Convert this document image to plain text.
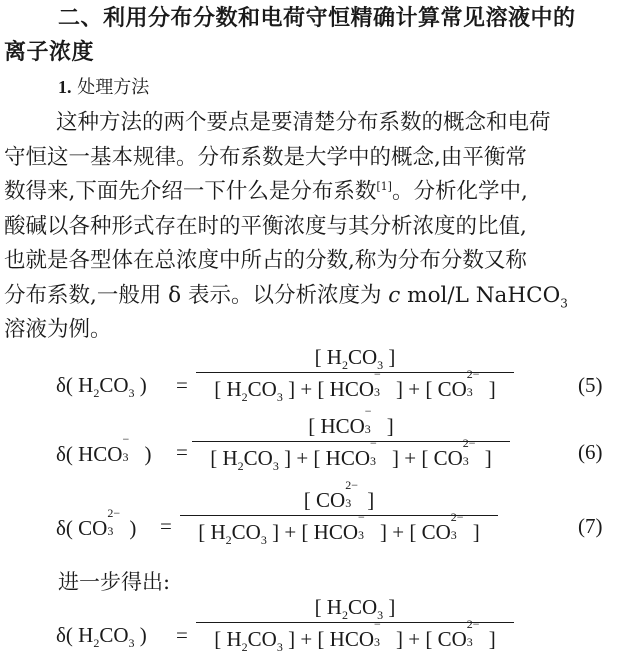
二、利用分布分数和电荷守恒精确计算常见溶液中的
离子浓度
1. 处理方法
这种方法的两个要点是要清楚分布系数的概念和电荷
守恒这一基本规律。分布系数是大学中的概念,由平衡常
数得来,下面先介绍一下什么是分布系数[1]。分析化学中,
酸碱以各种形式存在时的平衡浓度与其分析浓度的比值,
也就是各型体在总浓度中所占的分数,称为分布分数又称
分布系数,一般用 δ 表示。以分析浓度为 c mol/L NaHCO$_3$
溶液为例。
δ( $H_2CO_3$ ) =
[ $H_2CO_3$ ]
[ $H_2CO_3$ ] + [ HCO
−
3 ] + [ CO
2−
3 ]	(5)
δ( HCO
−
3 ) =
[ HCO
−
3 ]
[ $H_2CO_3$ ] + [ HCO
−
3 ] + [ CO
2−
3 ]	(6)
δ( CO
2−
3 ) =
[ CO
2−
3 ]
[ $H_2CO_3$ ] + [ HCO
−
3 ] + [ CO
2−
3 ]	(7)
进一步得出:
δ( $H_2CO_3$ ) =
[ $H_2CO_3$ ]
[ $H_2CO_3$ ] + [ HCO
−
3 ] + [ CO
2−
3 ]
